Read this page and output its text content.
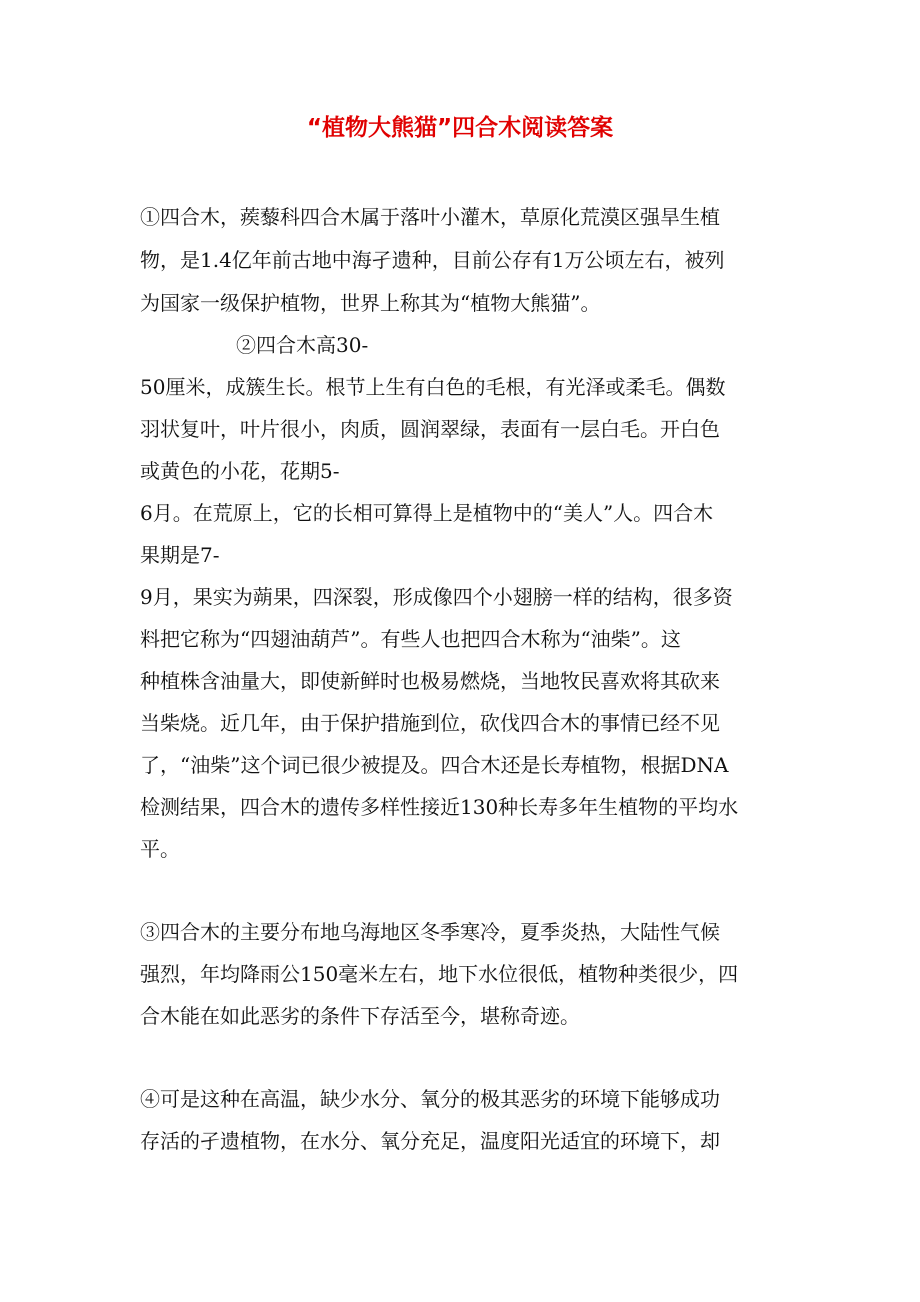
“植物大熊猫”四合木阅读答案

①四合木，蒺藜科四合木属于落叶小灌木，草原化荒漠区强旱生植

物，是1.4亿年前古地中海孑遗种，目前公存有1万公顷左右，被列

为国家一级保护植物，世界上称其为“植物大熊猫”。

②四合木高30-

50厘米，成簇生长。根节上生有白色的毛根，有光泽或柔毛。偶数

羽状复叶，叶片很小，肉质，圆润翠绿，表面有一层白毛。开白色

或黄色的小花，花期5-

6月。在荒原上，它的长相可算得上是植物中的“美人”人。四合木

果期是7-

9月，果实为蒴果，四深裂，形成像四个小翅膀一样的结构，很多资

料把它称为“四翅油葫芦”。有些人也把四合木称为“油柴”。这

种植株含油量大，即使新鲜时也极易燃烧，当地牧民喜欢将其砍来

当柴烧。近几年，由于保护措施到位，砍伐四合木的事情已经不见

了，“油柴”这个词已很少被提及。四合木还是长寿植物，根据DNA

检测结果，四合木的遗传多样性接近130种长寿多年生植物的平均水

平。

③四合木的主要分布地乌海地区冬季寒冷，夏季炎热，大陆性气候

强烈，年均降雨公150毫米左右，地下水位很低，植物种类很少，四

合木能在如此恶劣的条件下存活至今，堪称奇迹。

④可是这种在高温，缺少水分、氧分的极其恶劣的环境下能够成功

存活的孑遗植物，在水分、氧分充足，温度阳光适宜的环境下，却
